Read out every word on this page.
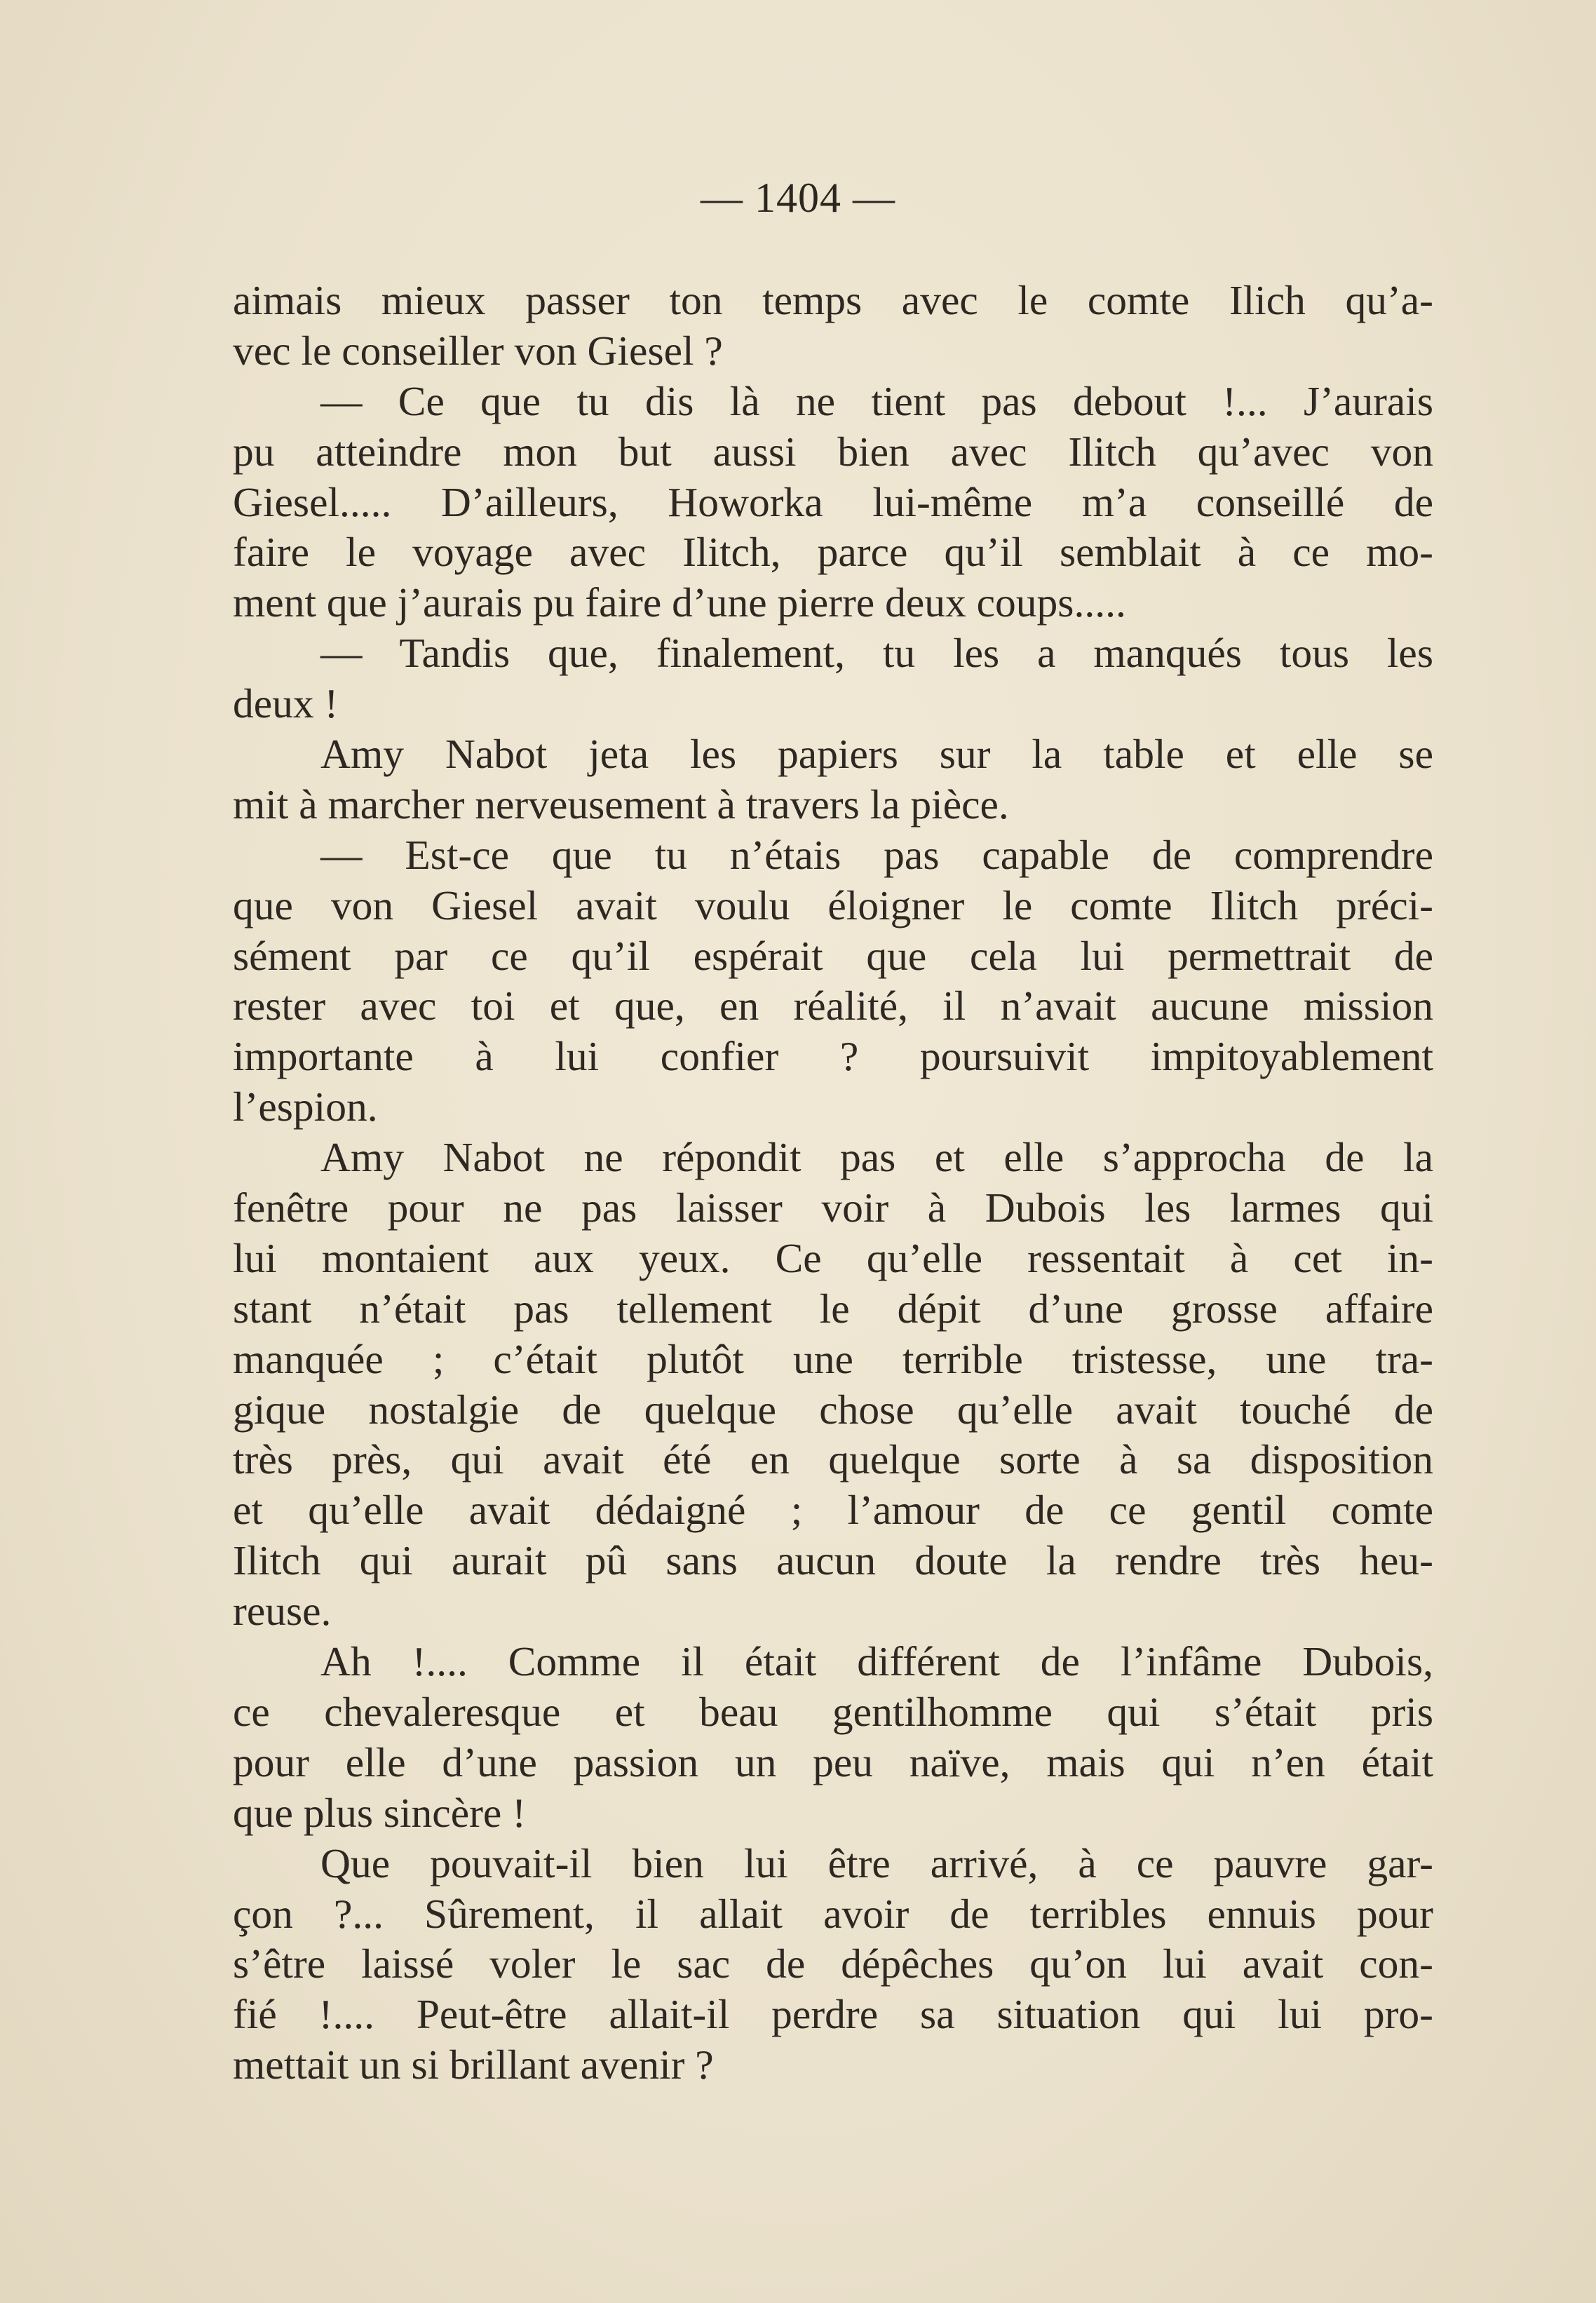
— 1404 —
aimais mieux passer ton temps avec le comte Ilich qu’a-
vec le conseiller von Giesel ?
— Ce que tu dis là ne tient pas debout !... J’aurais
pu atteindre mon but aussi bien avec Ilitch qu’avec von
Giesel..... D’ailleurs, Howorka lui-même m’a conseillé de
faire le voyage avec Ilitch, parce qu’il semblait à ce mo-
ment que j’aurais pu faire d’une pierre deux coups.....
— Tandis que, finalement, tu les a manqués tous les
deux !
Amy Nabot jeta les papiers sur la table et elle se
mit à marcher nerveusement à travers la pièce.
— Est-ce que tu n’étais pas capable de comprendre
que von Giesel avait voulu éloigner le comte Ilitch préci-
sément par ce qu’il espérait que cela lui permettrait de
rester avec toi et que, en réalité, il n’avait aucune mission
importante à lui confier ? poursuivit impitoyablement
l’espion.
Amy Nabot ne répondit pas et elle s’approcha de la
fenêtre pour ne pas laisser voir à Dubois les larmes qui
lui montaient aux yeux. Ce qu’elle ressentait à cet in-
stant n’était pas tellement le dépit d’une grosse affaire
manquée ; c’était plutôt une terrible tristesse, une tra-
gique nostalgie de quelque chose qu’elle avait touché de
très près, qui avait été en quelque sorte à sa disposition
et qu’elle avait dédaigné ; l’amour de ce gentil comte
Ilitch qui aurait pû sans aucun doute la rendre très heu-
reuse.
Ah !.... Comme il était différent de l’infâme Dubois,
ce chevaleresque et beau gentilhomme qui s’était pris
pour elle d’une passion un peu naïve, mais qui n’en était
que plus sincère !
Que pouvait-il bien lui être arrivé, à ce pauvre gar-
çon ?... Sûrement, il allait avoir de terribles ennuis pour
s’être laissé voler le sac de dépêches qu’on lui avait con-
fié !.... Peut-être allait-il perdre sa situation qui lui pro-
mettait un si brillant avenir ?
